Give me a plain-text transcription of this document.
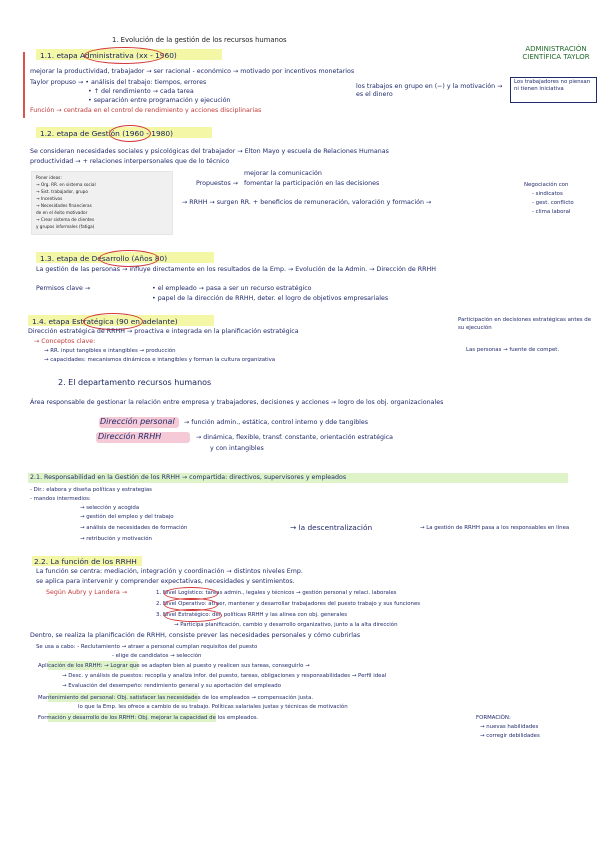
1. Evolución de la gestión de los recursos humanos
1.1. etapa Administrativa (xx - 1960)
ADMINISTRACIÓN CIENTÍFICA TAYLOR
mejorar la productividad, trabajador → ser racional - económico → motivado por incentivos monetarios
Taylor propuso → • análisis del trabajo: tiempos, errores
• ↑ del rendimiento → cada tarea
• separación entre programación y ejecución
Función → centrada en el control de rendimiento y acciones disciplinarias
los trabajos en grupo en (−) y la motivación → es el dinero
Los trabajadores no piensan ni tienen iniciativa
1.2. etapa de Gestión (1960 - 1980)
Se consideran necesidades sociales y psicológicas del trabajador → Elton Mayo y escuela de Relaciones Humanas
productividad → + relaciones interpersonales que de lo técnico
Poner ideas:
→ Org. RR. en sistema social
→ Sist. trabajador, grupo
→ Incentivos
→ Necesidades financieras
de en el éxito motivador
→ Crear sistema de clientes
y grupos informales (fatiga)
Propuestos →
mejorar la comunicación
fomentar la participación en las decisiones
→ RRHH → surgen RR. + beneficios de remuneración, valoración y formación →
Negociación con
- sindicatos
- gest. conflicto
- clima laboral
1.3. etapa de Desarrollo (Años 80)
La gestión de las personas → influye directamente en los resultados de la Emp. → Evolución de la Admin. → Dirección de RRHH
Permisos clave →	• el empleado → pasa a ser un recurso estratégico
• papel de la dirección de RRHH, deter. el logro de objetivos empresariales
1.4. etapa Estratégica (90 en adelante)
Dirección estratégica de RRHH → proactiva e integrada en la planificación estratégica
→ Conceptos clave:
→ RR. input tangibles e intangibles → producción
→ capacidades: mecanismos dinámicos e intangibles y forman la cultura organizativa
Participación en decisiones estratégicas antes de su ejecución
Las personas → fuente de compet.
2. El departamento recursos humanos
Área responsable de gestionar la relación entre empresa y trabajadores, decisiones y acciones → logro de los obj. organizacionales
Dirección personal → función admin., estática, control interno y dde tangibles
Dirección RRHH	→ dinámica, flexible, transf. constante, orientación estratégica
y con intangibles
2.1. Responsabilidad en la Gestión de los RRHH → compartida: directivos, supervisores y empleados
- Dir.: elabora y diseña políticas y estrategias
- mandos intermedios:
→ selección y acogida
→ gestión del empleo y del trabajo
→ análisis de necesidades de formación
→ retribución y motivación
→ la descentralización	→ La gestión de RRHH pasa a los responsables en línea
2.2. La función de los RRHH
La función se centra: mediación, integración y coordinación → distintos niveles Emp.
se aplica para intervenir y comprender expectativas, necesidades y sentimientos.
Según Aubry y Landera →	1. Nivel Logístico: tareas admin., legales y técnicos → gestión personal y relaci. laborales
2. Nivel Operativo: atraer, mantener y desarrollar trabajadores del puesto trabajo y sus funciones
3. Nivel Estratégico: def. políticas RRHH y las alinea con obj. generales
→ Participa planificación, cambio y desarrollo organizativo, junto a la alta dirección
Dentro, se realiza la planificación de RRHH, consiste prever las necesidades personales y cómo cubrirlas
Se usa a cabo: - Reclutamiento → atraer a personal cumplan requisitos del puesto
- elige de candidatos → selección
Aplicación de los RRHH: → Lograr que se adapten bien al puesto y realicen sus tareas, conseguirlo →
→ Desc. y análisis de puestos: recopila y analiza infor. del puesto, tareas, obligaciones y responsabilidades → Perfil ideal
→ Evaluación del desempeño: rendimiento general y su aportación del empleado
Mantenimiento del personal: Obj. satisfacer las necesidades de los empleados → compensación justa.
lo que la Emp. les ofrece a cambio de su trabajo. Políticas salariales justas y técnicas de motivación
Formación y desarrollo de los RRHH: Obj. mejorar la capacidad de los empleados.	FORMACIÓN:
→ nuevas habilidades
→ corregir debilidades
